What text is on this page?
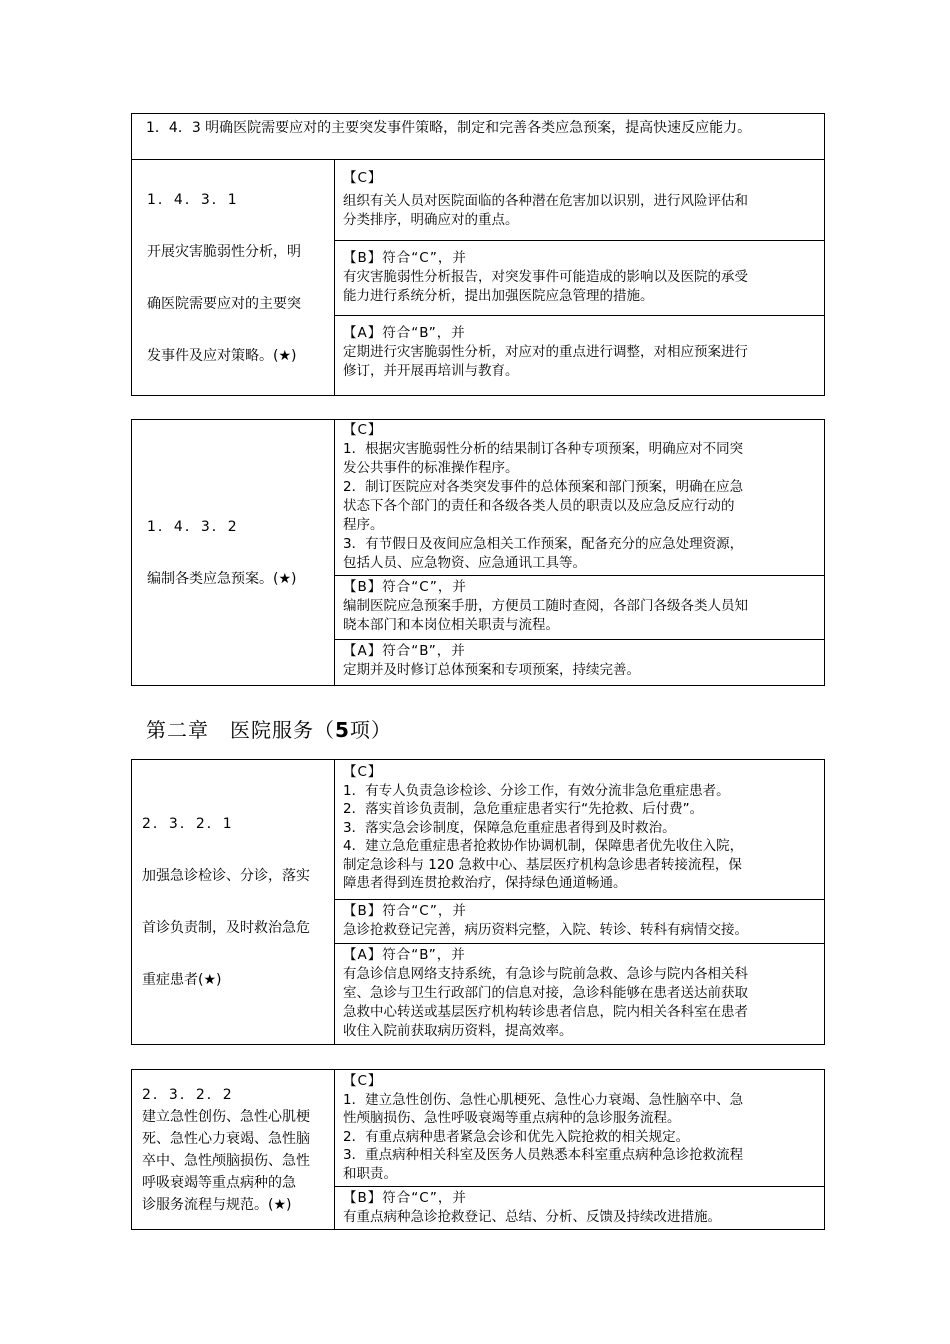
1．4．3 明确医院需要应对的主要突发事件策略，制定和完善各类应急预案，提高快速反应能力。

1．4．3．1

开展灾害脆弱性分析，明

确医院需要应对的主要突

发事件及应对策略。(★)

【C】

组织有关人员对医院面临的各种潜在危害加以识别，进行风险评估和

分类排序，明确应对的重点。

【B】符合“C”，并

有灾害脆弱性分析报告，对突发事件可能造成的影响以及医院的承受

能力进行系统分析，提出加强医院应急管理的措施。

【A】符合“B”，并

定期进行灾害脆弱性分析，对应对的重点进行调整，对相应预案进行

修订，并开展再培训与教育。

1．4．3．2

编制各类应急预案。(★)

【C】

1．根据灾害脆弱性分析的结果制订各种专项预案，明确应对不同突

发公共事件的标准操作程序。

2．制订医院应对各类突发事件的总体预案和部门预案，明确在应急

状态下各个部门的责任和各级各类人员的职责以及应急反应行动的

程序。

3．有节假日及夜间应急相关工作预案，配备充分的应急处理资源，

包括人员、应急物资、应急通讯工具等。

【B】符合“C”，并

编制医院应急预案手册，方便员工随时查阅，各部门各级各类人员知

晓本部门和本岗位相关职责与流程。

【A】符合“B”，并

定期并及时修订总体预案和专项预案，持续完善。

第二章　医院服务（5项）

2．3．2．1

加强急诊检诊、分诊，落实

首诊负责制，及时救治急危

重症患者(★)

【C】

1．有专人负责急诊检诊、分诊工作，有效分流非急危重症患者。

2．落实首诊负责制，急危重症患者实行“先抢救、后付费”。

3．落实急会诊制度，保障急危重症患者得到及时救治。

4．建立急危重症患者抢救协作协调机制，保障患者优先收住入院，

制定急诊科与 120 急救中心、基层医疗机构急诊患者转接流程，保

障患者得到连贯抢救治疗，保持绿色通道畅通。

【B】符合“C”，并

急诊抢救登记完善，病历资料完整，入院、转诊、转科有病情交接。

【A】符合“B”，并

有急诊信息网络支持系统，有急诊与院前急救、急诊与院内各相关科

室、急诊与卫生行政部门的信息对接，急诊科能够在患者送达前获取

急救中心转送或基层医疗机构转诊患者信息，院内相关各科室在患者

收住入院前获取病历资料，提高效率。

2．3．2．2

建立急性创伤、急性心肌梗

死、急性心力衰竭、急性脑

卒中、急性颅脑损伤、急性

呼吸衰竭等重点病种的急

诊服务流程与规范。(★)

【C】

1．建立急性创伤、急性心肌梗死、急性心力衰竭、急性脑卒中、急

性颅脑损伤、急性呼吸衰竭等重点病种的急诊服务流程。

2．有重点病种患者紧急会诊和优先入院抢救的相关规定。

3．重点病种相关科室及医务人员熟悉本科室重点病种急诊抢救流程

和职责。

【B】符合“C”，并

有重点病种急诊抢救登记、总结、分析、反馈及持续改进措施。
